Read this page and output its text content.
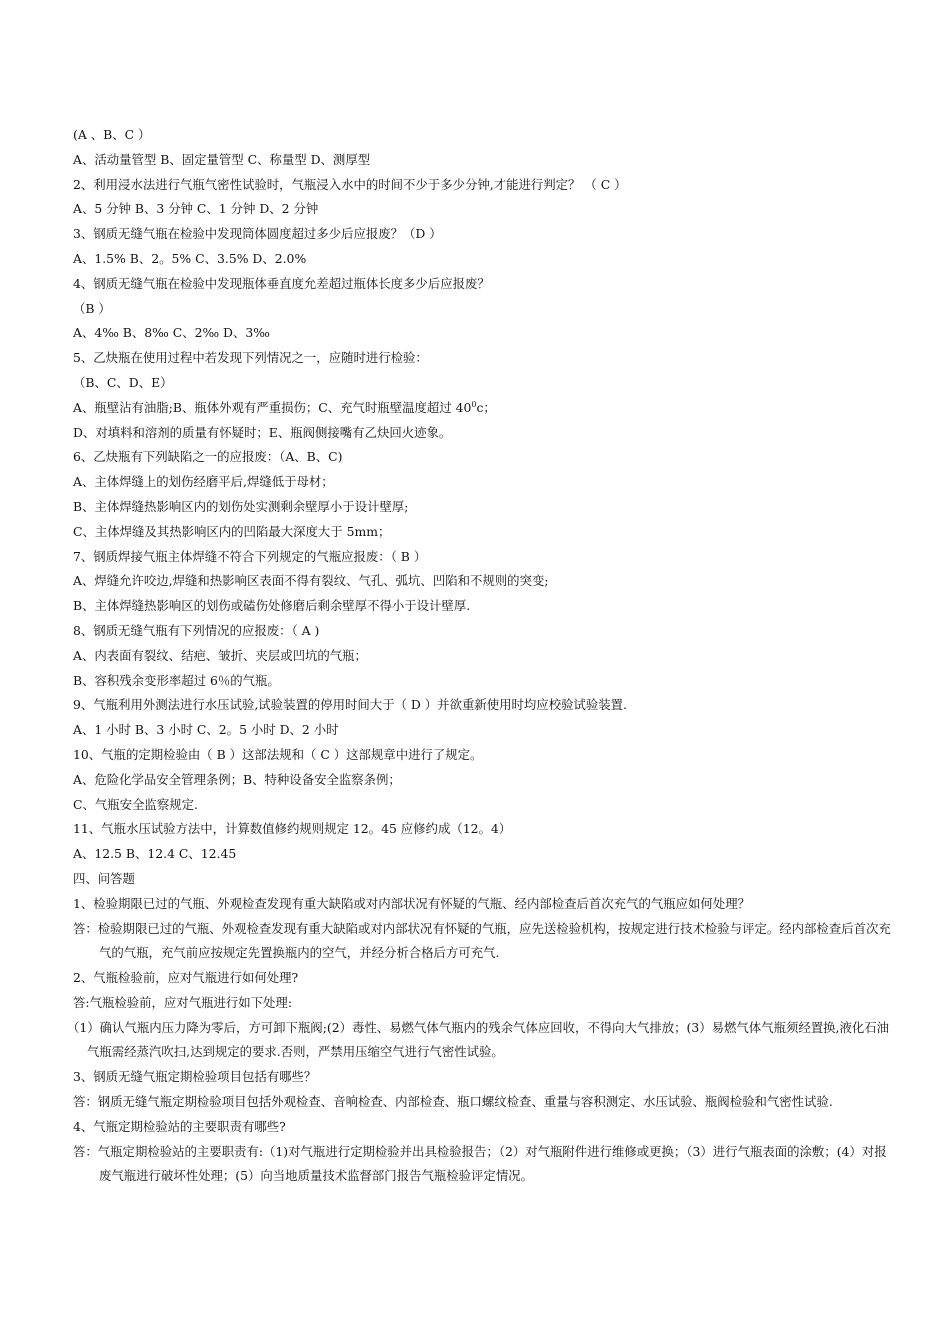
(A 、B、C ）

A、活动量管型 B、固定量管型 C、称量型 D、测厚型

2、利用浸水法进行气瓶气密性试验时，气瓶浸入水中的时间不少于多少分钟,才能进行判定？ （ C ）

A、5 分钟 B、3 分钟 C、1 分钟 D、2 分钟

3、钢质无缝气瓶在检验中发现筒体圆度超过多少后应报废？（D ）

A、1.5% B、2。5% C、3.5% D、2.0%

4、钢质无缝气瓶在检验中发现瓶体垂直度允差超过瓶体长度多少后应报废？

（B ）

A、4‰ B、8‰ C、2‰ D、3‰

5、乙炔瓶在使用过程中若发现下列情况之一，应随时进行检验：

（B、C、D、E）

A、瓶壁沾有油脂;B、瓶体外观有严重损伤；C、充气时瓶壁温度超过 $40^0c$；

D、对填料和溶剂的质量有怀疑时；E、瓶阀侧接嘴有乙炔回火迹象。

6、乙炔瓶有下列缺陷之一的应报废：（A、B、C)

A、主体焊缝上的划伤经磨平后,焊缝低于母材；

B、主体焊缝热影响区内的划伤处实测剩余壁厚小于设计壁厚;

C、主体焊缝及其热影响区内的凹陷最大深度大于 5mm；

7、钢质焊接气瓶主体焊缝不符合下列规定的气瓶应报废：（ B ）

A、焊缝允许咬边,焊缝和热影响区表面不得有裂纹、气孔、弧坑、凹陷和不规则的突变;

B、主体焊缝热影响区的划伤或磕伤处修磨后剩余壁厚不得小于设计壁厚.

8、钢质无缝气瓶有下列情况的应报废：（ A )

A、内表面有裂纹、结疤、皱折、夹层或凹坑的气瓶；

B、容积残余变形率超过 6％的气瓶。

9、气瓶利用外测法进行水压试验,试验装置的停用时间大于（ D ）并欲重新使用时均应校验试验装置.

A、1 小时 B、3 小时 C、2。5 小时 D、2 小时

10、气瓶的定期检验由（ B ）这部法规和（ C ）这部规章中进行了规定。

A、危险化学品安全管理条例；B、特种设备安全监察条例；

C、气瓶安全监察规定.

11、气瓶水压试验方法中，计算数值修约规则规定 12。45 应修约成（12。4）

A、12.5 B、12.4 C、12.45

四、问答题

1、检验期限已过的气瓶、外观检查发现有重大缺陷或对内部状况有怀疑的气瓶、经内部检查后首次充气的气瓶应如何处理？

答：检验期限已过的气瓶、外观检查发现有重大缺陷或对内部状况有怀疑的气瓶，应先送检验机构，按规定进行技术检验与评定。经内部检查后首次充气的气瓶，充气前应按规定先置换瓶内的空气，并经分析合格后方可充气.

2、气瓶检验前，应对气瓶进行如何处理?

答:气瓶检验前，应对气瓶进行如下处理:

（1）确认气瓶内压力降为零后，方可卸下瓶阀;(2）毒性、易燃气体气瓶内的残余气体应回收，不得向大气排放；(3）易燃气体气瓶须经置换,液化石油气瓶需经蒸汽吹扫,达到规定的要求.否则，严禁用压缩空气进行气密性试验。

3、钢质无缝气瓶定期检验项目包括有哪些？

答：钢质无缝气瓶定期检验项目包括外观检查、音响检查、内部检查、瓶口螺纹检查、重量与容积测定、水压试验、瓶阀检验和气密性试验.

4、气瓶定期检验站的主要职责有哪些?

答：气瓶定期检验站的主要职责有:（1)对气瓶进行定期检验并出具检验报告；（2）对气瓶附件进行维修或更换；（3）进行气瓶表面的涂敷；(4）对报废气瓶进行破坏性处理；(5）向当地质量技术监督部门报告气瓶检验评定情况。
